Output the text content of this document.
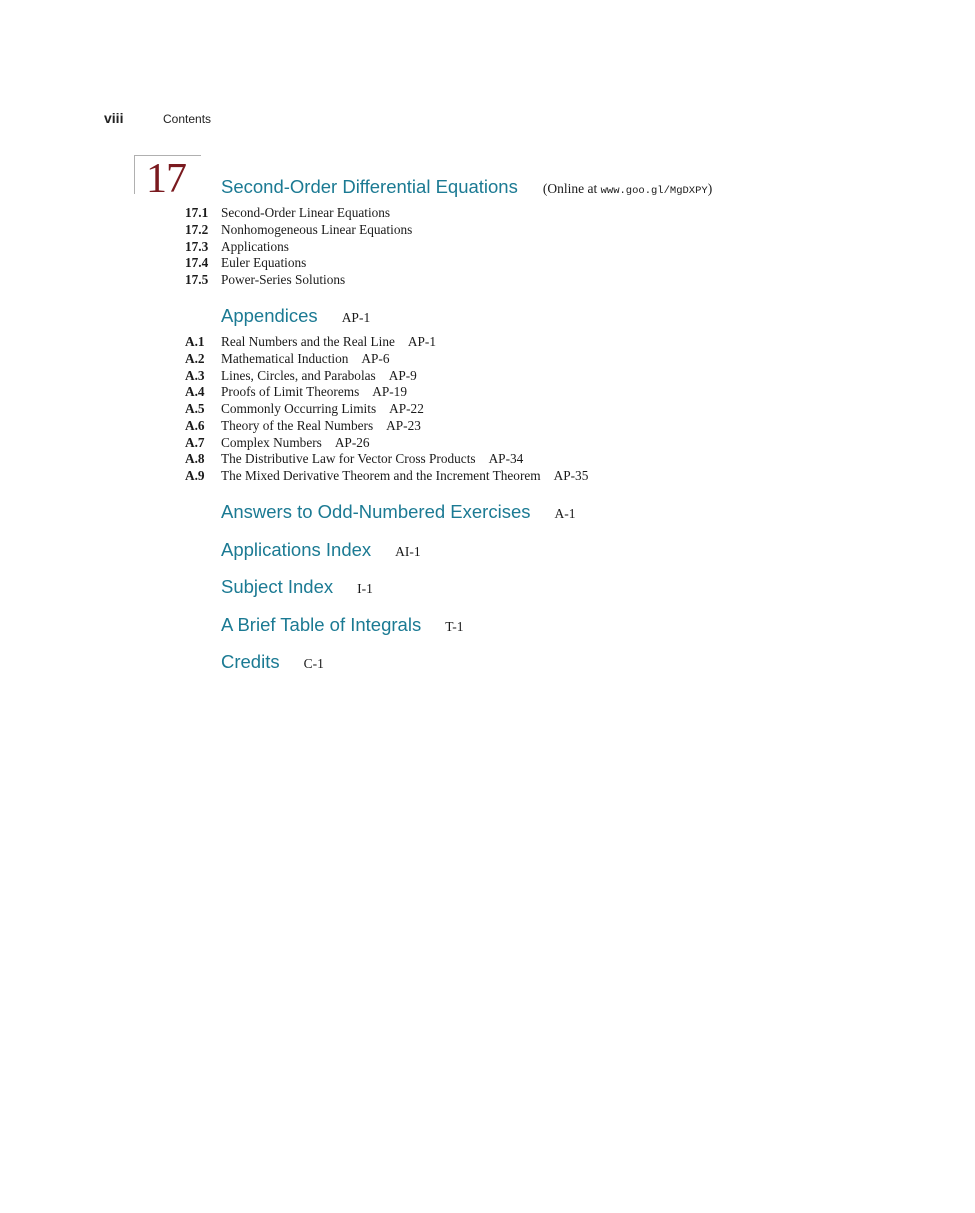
viii	Contents
17 Second-Order Differential Equations (Online at www.goo.gl/MgDXPY)
17.1 Second-Order Linear Equations
17.2 Nonhomogeneous Linear Equations
17.3 Applications
17.4 Euler Equations
17.5 Power-Series Solutions
Appendices AP-1
A.1	Real Numbers and the Real Line AP-1
A.2	Mathematical Induction AP-6
A.3	Lines, Circles, and Parabolas AP-9
A.4	Proofs of Limit Theorems AP-19
A.5	Commonly Occurring Limits AP-22
A.6	Theory of the Real Numbers AP-23
A.7	Complex Numbers AP-26
A.8	The Distributive Law for Vector Cross Products AP-34
A.9	The Mixed Derivative Theorem and the Increment Theorem AP-35
Answers to Odd-Numbered Exercises A-1
Applications Index AI-1
Subject Index I-1
A Brief Table of Integrals T-1
Credits C-1
